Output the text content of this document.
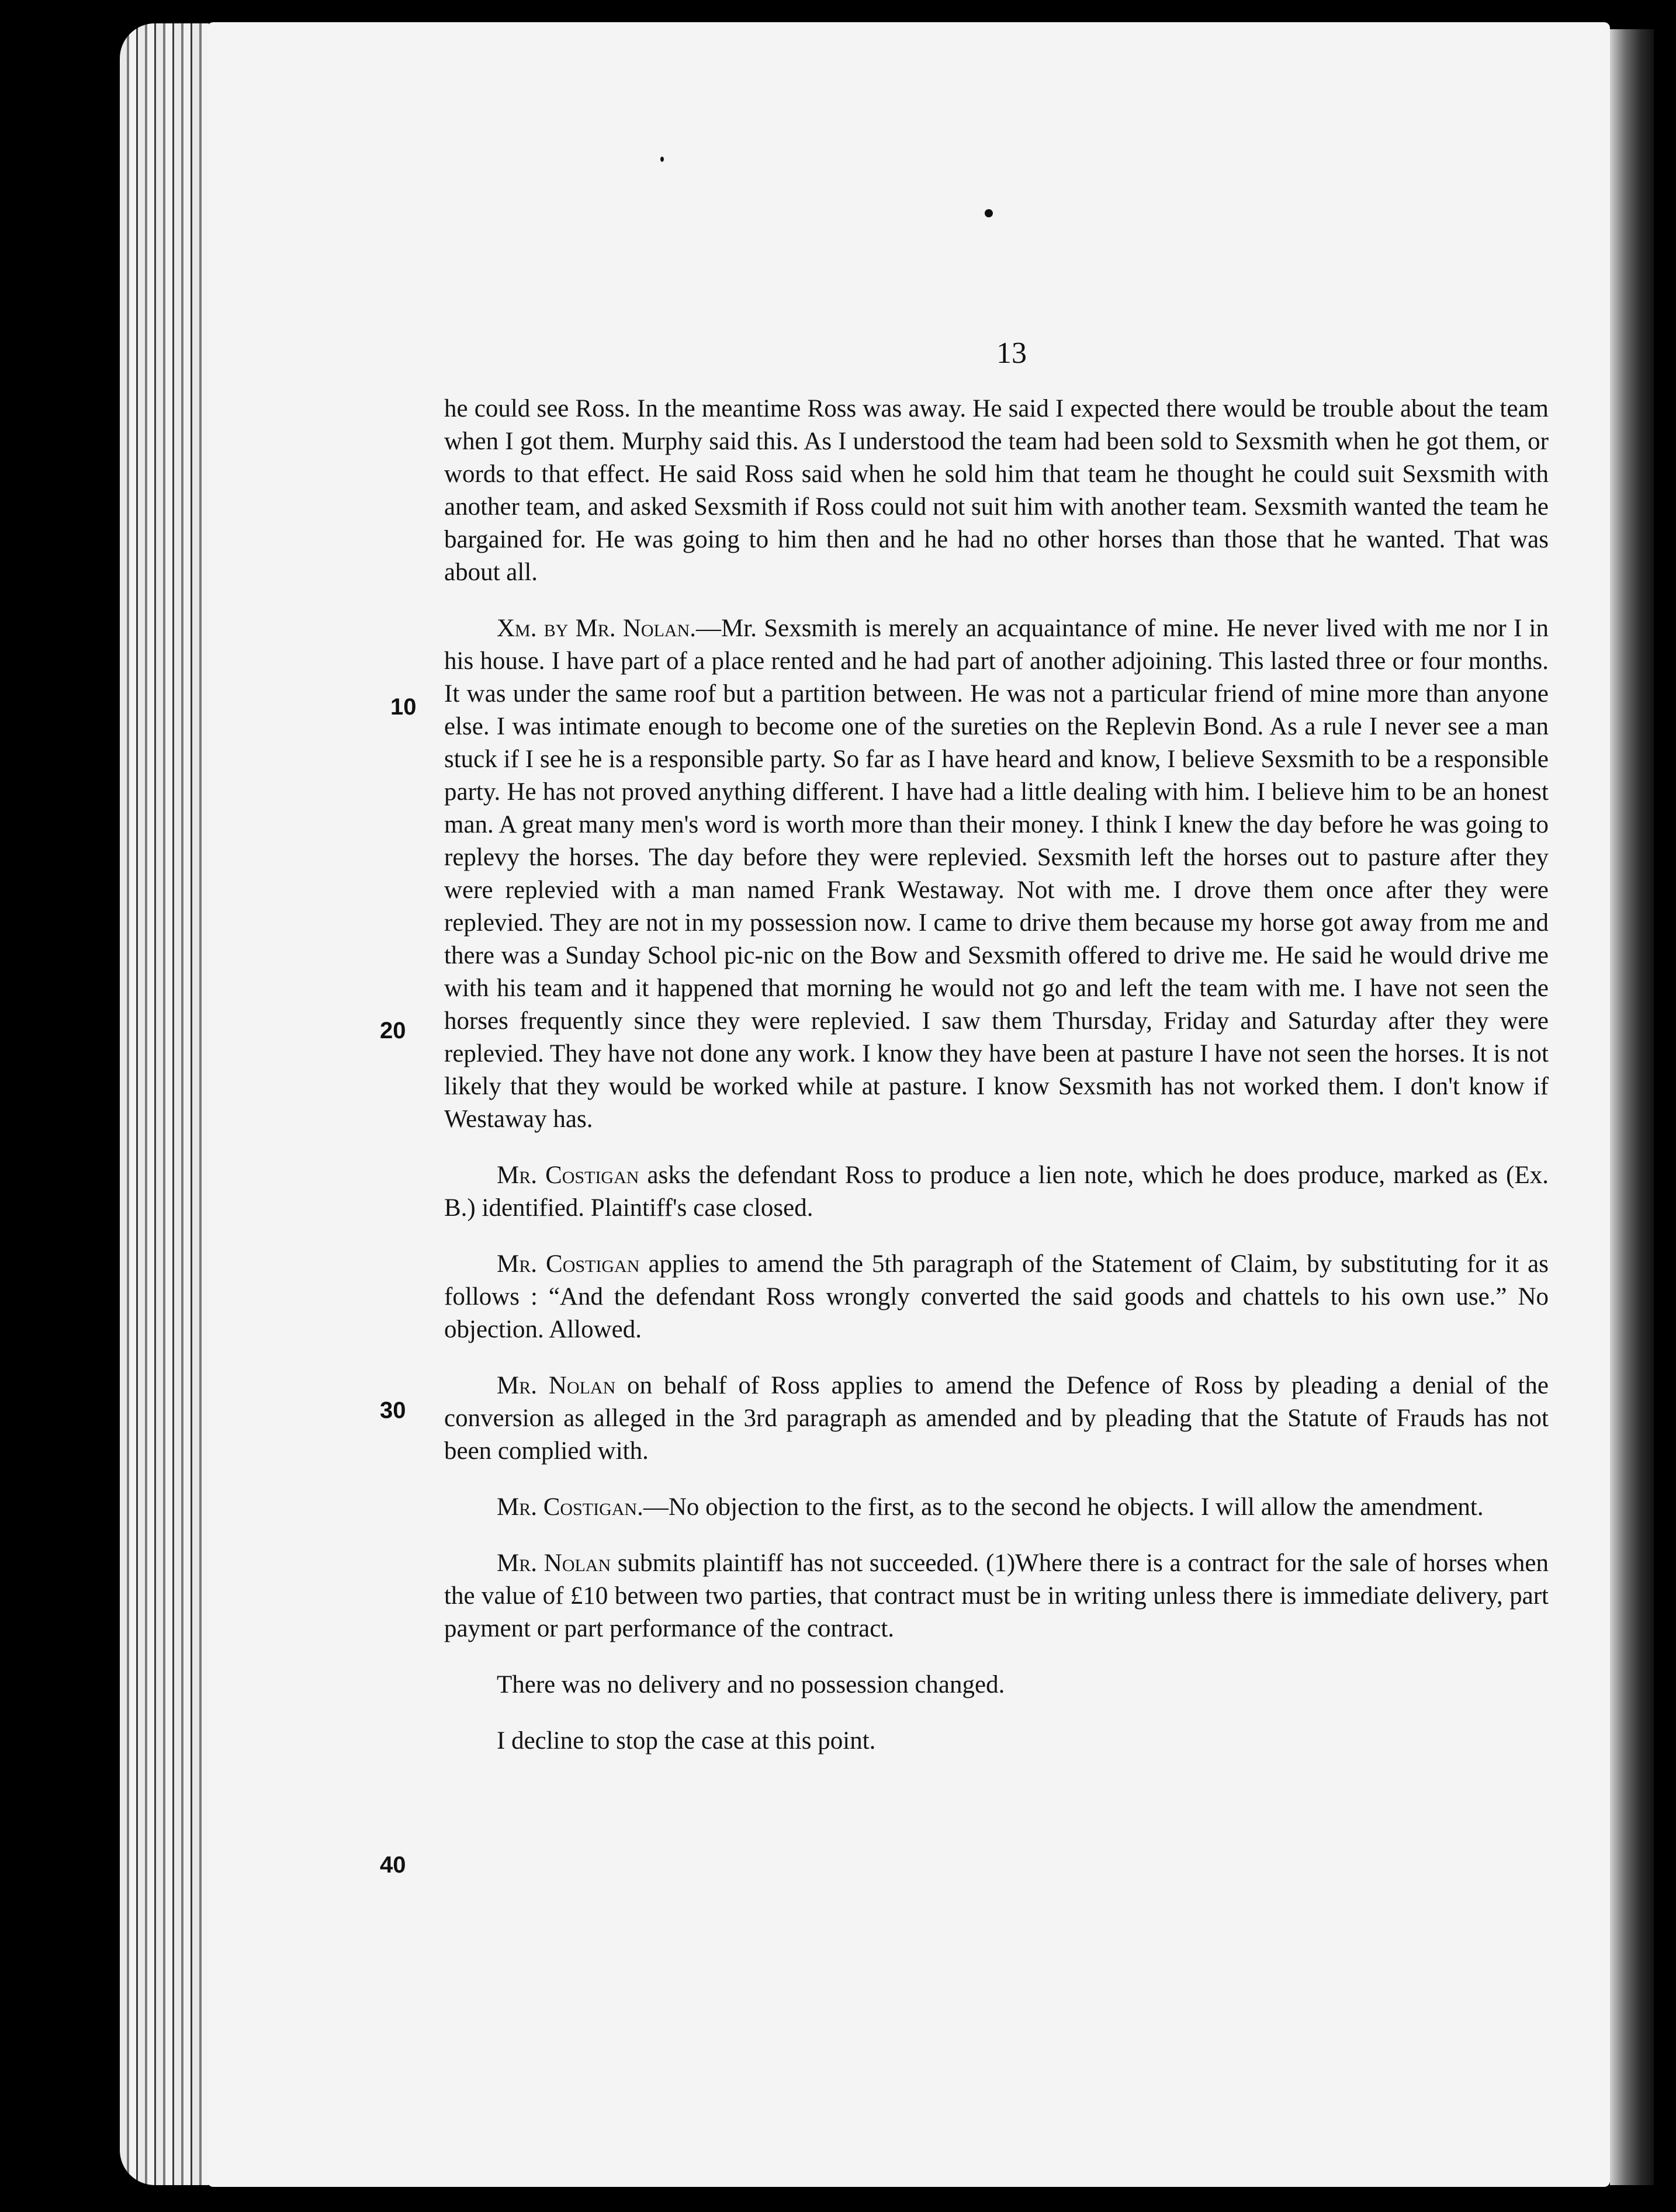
13
10
20
30
40

he could see Ross. In the meantime Ross was away. He said I expected there would be trouble about the team when I got them. Murphy said this. As I understood the team had been sold to Sexsmith when he got them, or words to that effect. He said Ross said when he sold him that team he thought he could suit Sexsmith with another team, and asked Sexsmith if Ross could not suit him with another team. Sexsmith wanted the team he bargained for. He was going to him then and he had no other horses than those that he wanted. That was about all.

Xm. by Mr. Nolan.—Mr. Sexsmith is merely an acquaintance of mine. He never lived with me nor I in his house. I have part of a place rented and he had part of another adjoining. This lasted three or four months. It was under the same roof but a partition between. He was not a particular friend of mine more than anyone else. I was intimate enough to become one of the sureties on the Replevin Bond. As a rule I never see a man stuck if I see he is a responsible party. So far as I have heard and know, I believe Sexsmith to be a responsible party. He has not proved anything different. I have had a little dealing with him. I believe him to be an honest man. A great many men's word is worth more than their money. I think I knew the day before he was going to replevy the horses. The day before they were replevied. Sexsmith left the horses out to pasture after they were replevied with a man named Frank Westaway. Not with me. I drove them once after they were replevied. They are not in my possession now. I came to drive them because my horse got away from me and there was a Sunday School pic-nic on the Bow and Sexsmith offered to drive me. He said he would drive me with his team and it happened that morning he would not go and left the team with me. I have not seen the horses frequently since they were replevied. I saw them Thursday, Friday and Saturday after they were replevied. They have not done any work. I know they have been at pasture I have not seen the horses. It is not likely that they would be worked while at pasture. I know Sexsmith has not worked them. I don't know if Westaway has.

Mr. Costigan asks the defendant Ross to produce a lien note, which he does produce, marked as (Ex. B.) identified. Plaintiff's case closed.

Mr. Costigan applies to amend the 5th paragraph of the Statement of Claim, by substituting for it as follows : “And the defendant Ross wrongly converted the said goods and chattels to his own use.” No objection. Allowed.

Mr. Nolan on behalf of Ross applies to amend the Defence of Ross by pleading a denial of the conversion as alleged in the 3rd paragraph as amended and by pleading that the Statute of Frauds has not been complied with.

Mr. Costigan.—No objection to the first, as to the second he objects. I will allow the amendment.

Mr. Nolan submits plaintiff has not succeeded. (1)Where there is a contract for the sale of horses when the value of £10 between two parties, that contract must be in writing unless there is immediate delivery, part payment or part performance of the contract.

There was no delivery and no possession changed.

I decline to stop the case at this point.
